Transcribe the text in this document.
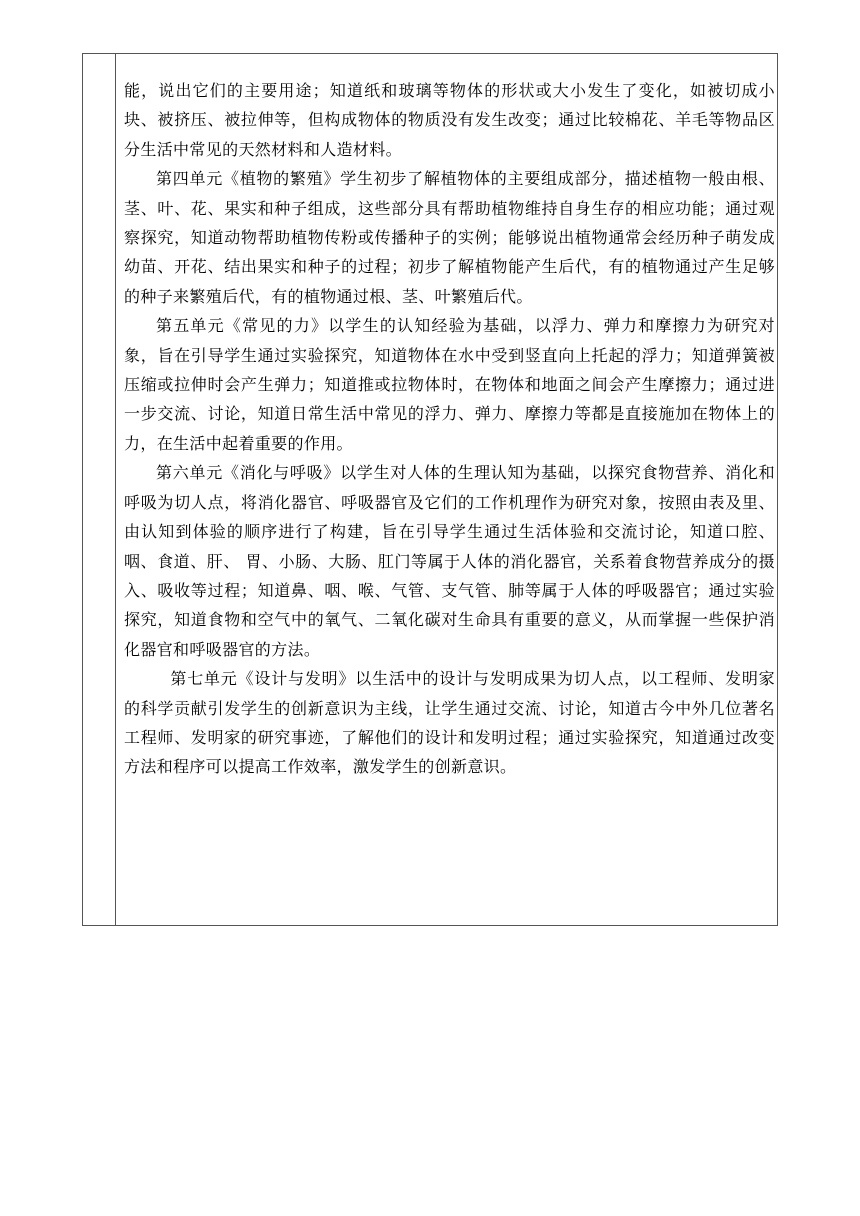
能，说出它们的主要用途；知道纸和玻璃等物体的形状或大小发生了变化，如被切成小块、被挤压、被拉伸等，但构成物体的物质没有发生改变；通过比较棉花、羊毛等物品区分生活中常见的天然材料和人造材料。

第四单元《植物的繁殖》学生初步了解植物体的主要组成部分，描述植物一般由根、茎、叶、花、果实和种子组成，这些部分具有帮助植物维持自身生存的相应功能；通过观察探究，知道动物帮助植物传粉或传播种子的实例；能够说出植物通常会经历种子萌发成幼苗、开花、结出果实和种子的过程；初步了解植物能产生后代，有的植物通过产生足够的种子来繁殖后代，有的植物通过根、茎、叶繁殖后代。

第五单元《常见的力》以学生的认知经验为基础，以浮力、弹力和摩擦力为研究对象，旨在引导学生通过实验探究，知道物体在水中受到竖直向上托起的浮力；知道弹簧被压缩或拉伸时会产生弹力；知道推或拉物体时，在物体和地面之间会产生摩擦力；通过进一步交流、讨论，知道日常生活中常见的浮力、弹力、摩擦力等都是直接施加在物体上的力，在生活中起着重要的作用。

第六单元《消化与呼吸》以学生对人体的生理认知为基础，以探究食物营养、消化和呼吸为切人点，将消化器官、呼吸器官及它们的工作机理作为研究对象，按照由表及里、由认知到体验的顺序进行了构建，旨在引导学生通过生活体验和交流讨论，知道口腔、咽、食道、肝、 胃、小肠、大肠、肛门等属于人体的消化器官，关系着食物营养成分的摄入、吸收等过程；知道鼻、咽、喉、气管、支气管、肺等属于人体的呼吸器官；通过实验探究，知道食物和空气中的氧气、二氧化碳对生命具有重要的意义，从而掌握一些保护消化器官和呼吸器官的方法。

第七单元《设计与发明》以生活中的设计与发明成果为切人点，以工程师、发明家的科学贡献引发学生的创新意识为主线，让学生通过交流、讨论，知道古今中外几位著名工程师、发明家的研究事迹，了解他们的设计和发明过程；通过实验探究，知道通过改变方法和程序可以提高工作效率，激发学生的创新意识。
